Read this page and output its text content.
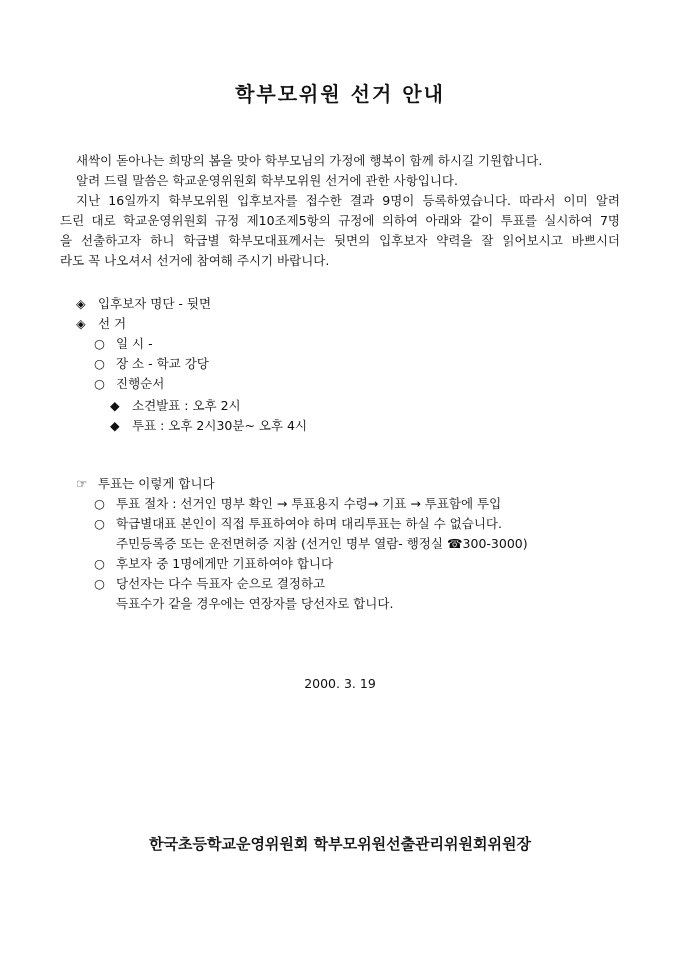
학부모위원 선거 안내
새싹이 돋아나는 희망의 봄을 맞아 학부모님의 가정에 행복이 함께 하시길 기원합니다.
알려 드릴 말씀은 학교운영위원회 학부모위원 선거에 관한 사항입니다.
지난 16일까지 학부모위원 입후보자를 접수한 결과 9명이 등록하였습니다. 따라서 이미 알려
드린 대로 학교운영위원회 규정 제10조제5항의 규정에 의하여 아래와 같이 투표를 실시하여 7명
을 선출하고자 하니 학급별 학부모대표께서는 뒷면의 입후보자 약력을 잘 읽어보시고 바쁘시더
라도 꼭 나오셔서 선거에 참여해 주시기 바랍니다.
◈ 입후보자 명단 - 뒷면
◈ 선 거
○ 일 시 -
○ 장 소 - 학교 강당
○ 진행순서
◆ 소견발표 : 오후 2시
◆ 투표 : 오후 2시30분~ 오후 4시
☞ 투표는 이렇게 합니다
○ 투표 절차 : 선거인 명부 확인 → 투표용지 수령→ 기표 → 투표함에 투입
○ 학급별대표 본인이 직접 투표하여야 하며 대리투표는 하실 수 없습니다.
주민등록증 또는 운전면허증 지참 (선거인 명부 열람- 행정실 ☎300-3000)
○ 후보자 중 1명에게만 기표하여야 합니다
○ 당선자는 다수 득표자 순으로 결정하고
득표수가 같을 경우에는 연장자를 당선자로 합니다.
2000. 3. 19
한국초등학교운영위원회 학부모위원선출관리위원회위원장
